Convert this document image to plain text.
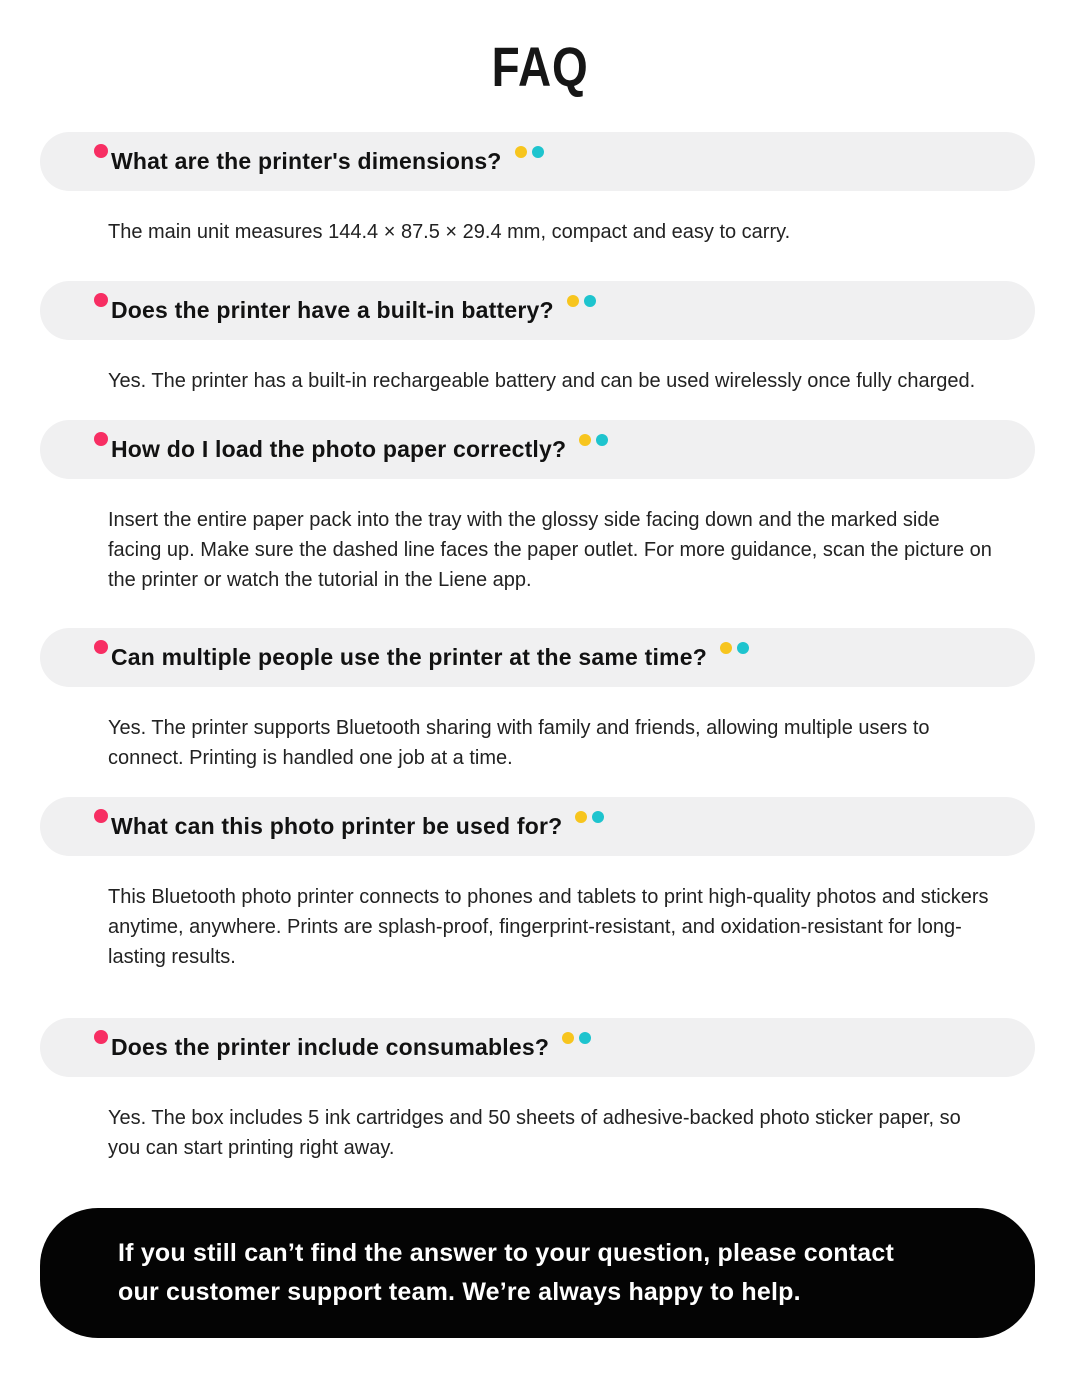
FAQ
What are the printer's dimensions?
The main unit measures 144.4 × 87.5 × 29.4 mm, compact and easy to carry.
Does the printer have a built-in battery?
Yes. The printer has a built-in rechargeable battery and can be used wirelessly once fully charged.
How do I load the photo paper correctly?
Insert the entire paper pack into the tray with the glossy side facing down and the marked side facing up. Make sure the dashed line faces the paper outlet. For more guidance, scan the picture on the printer or watch the tutorial in the Liene app.
Can multiple people use the printer at the same time?
Yes. The printer supports Bluetooth sharing with family and friends, allowing multiple users to connect. Printing is handled one job at a time.
What can this photo printer be used for?
This Bluetooth photo printer connects to phones and tablets to print high-quality photos and stickers anytime, anywhere. Prints are splash-proof, fingerprint-resistant, and oxidation-resistant for long-lasting results.
Does the printer include consumables?
Yes. The box includes 5 ink cartridges and 50 sheets of adhesive-backed photo sticker paper, so you can start printing right away.
If you still can’t find the answer to your question, please contact
our customer support team. We’re always happy to help.
